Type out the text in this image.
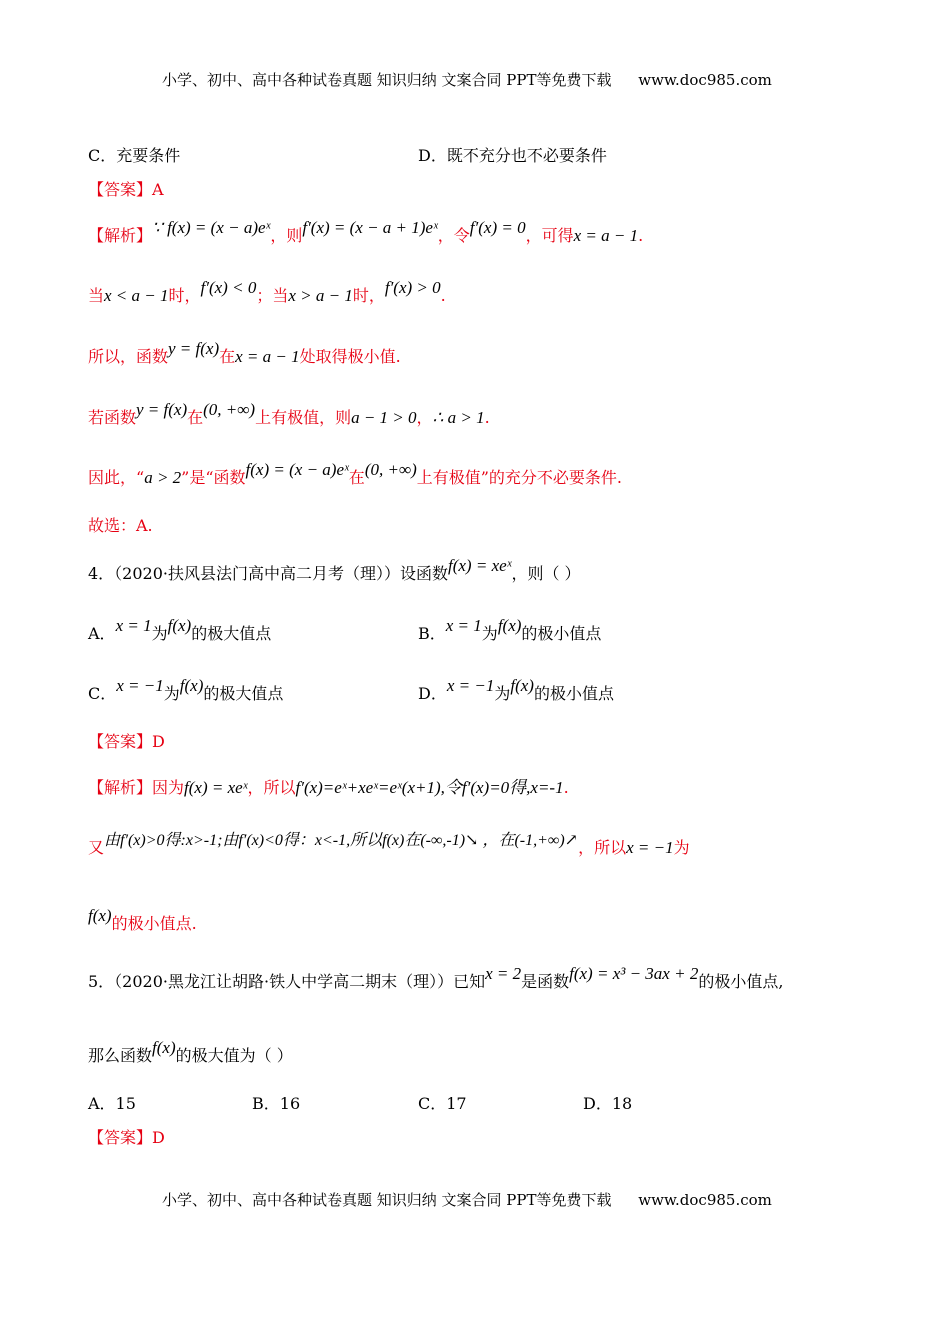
小学、初中、高中各种试卷真题 知识归纳 文案合同 PPT等免费下载 www.doc985.com
C．充要条件	D．既不充分也不必要条件
【答案】A
【解析】∵ f(x) = (x − a)eˣ，则f′(x) = (x − a + 1)eˣ，令f′(x) = 0，可得x = a − 1.
当x < a − 1时，f′(x) < 0；当x > a − 1时，f′(x) > 0.
所以，函数y = f(x)在x = a − 1处取得极小值.
若函数y = f(x)在(0, +∞)上有极值，则a − 1 > 0，∴ a > 1.
因此，“a > 2”是“函数f(x) = (x − a)eˣ在(0, +∞)上有极值”的充分不必要条件.
故选：A.
4．（2020·扶风县法门高中高二月考（理））设函数f(x) = xeˣ，则（ ）
A．x = 1为f(x)的极大值点	B．x = 1为f(x)的极小值点
C．x = −1为f(x)的极大值点	D．x = −1为f(x)的极小值点
【答案】D
【解析】因为f(x) = xeˣ，所以f′(x)=eˣ+xeˣ=eˣ(x+1),令f′(x)=0得,x=-1.
又由f′(x)>0得:x>-1;由f′(x)<0得：x<-1,所以f(x)在(-∞,-1)↘ ，在(-1,+∞)↗，所以x = −1为
f(x)的极小值点.
5．（2020·黑龙江让胡路·铁人中学高二期末（理））已知x = 2是函数f(x) = x³ − 3ax + 2的极小值点,
那么函数f(x)的极大值为（ ）
A．15	B．16	C．17	D．18
【答案】D
小学、初中、高中各种试卷真题 知识归纳 文案合同 PPT等免费下载 www.doc985.com
